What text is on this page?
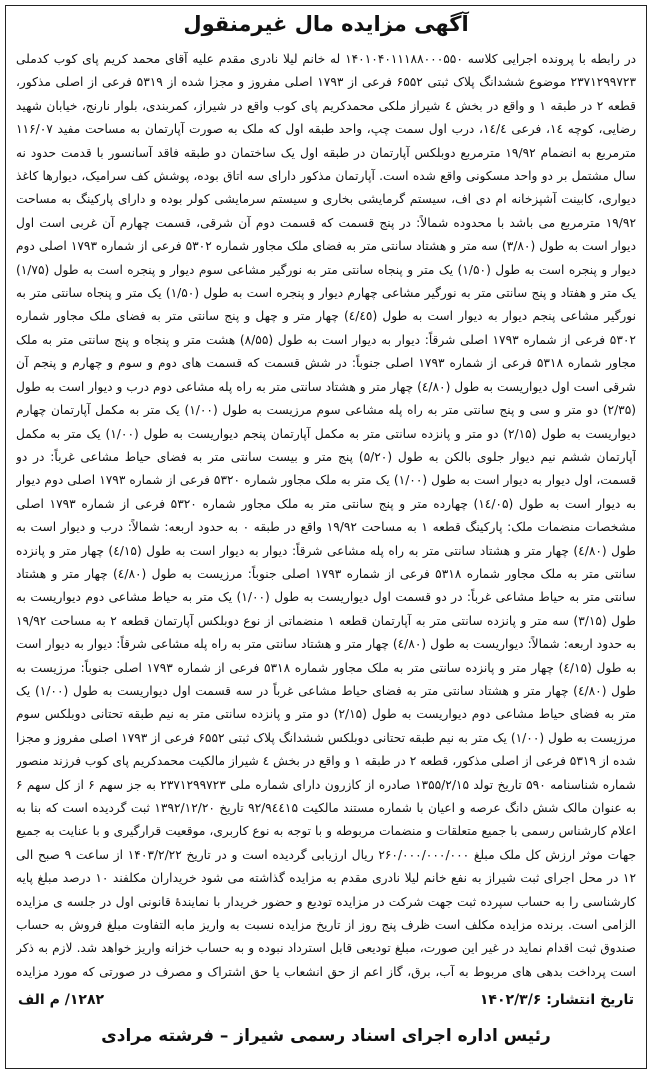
آگهی مزایده مال غیرمنقول
در رابطه با پرونده اجرایی کلاسه ۱۴۰۱۰۴۰۱۱۱۸۸۰۰۰۵۵۰ له خانم لیلا نادری مقدم علیه آقای محمد کریم پای کوب کدملی ۲۳۷۱۲۹۹۷۲۳ موضوع ششدانگ پلاک ثبتی ۶۵۵۲ فرعی از ۱۷۹۳ اصلی مفروز و مجزا شده از ۵۳۱۹ فرعی از اصلی مذکور، قطعه ۲ در طبقه ۱ و واقع در بخش ٤ شیراز ملکی محمدکریم پای کوب واقع در شیراز، کمربندی، بلوار نارنج، خیابان شهید رضایی، کوچه ١٤، فرعی ١٤/٤، درب اول سمت چپ، واحد طبقه اول که ملک به صورت آپارتمان به مساحت مفید ۱۱۶/۰۷ مترمربع به انضمام ۱۹/۹۲ مترمربع دوبلکس آپارتمان در طبقه اول یک ساختمان دو طبقه فاقد آسانسور با قدمت حدود نه سال مشتمل بر دو واحد مسکونی واقع شده است. آپارتمان مذکور دارای سه اتاق بوده، پوشش کف سرامیک، دیوارها کاغذ دیواری، کابینت آشپزخانه ام دی اف، سیستم گرمایشی بخاری و سیستم سرمایشی کولر بوده و دارای پارکینگ به مساحت ۱۹/۹۲ مترمربع می باشد با محدوده شمالاً: در پنج قسمت که قسمت دوم آن شرقی، قسمت چهارم آن غربی است اول دیوار است به طول (۳/۸۰) سه متر و هشتاد سانتی متر به فضای ملک مجاور شماره ۵۳۰۲ فرعی از شماره ۱۷۹۳ اصلی دوم دیوار و پنجره است به طول (۱/۵۰) یک متر و پنجاه سانتی متر به نورگیر مشاعی سوم دیوار و پنجره است به طول (۱/۷۵) یک متر و هفتاد و پنج سانتی متر به نورگیر مشاعی چهارم دیوار و پنجره است به طول (۱/۵۰) یک متر و پنجاه سانتی متر به نورگیر مشاعی پنجم دیوار به دیوار است به طول (٤/٤٥) چهار متر و چهل و پنج سانتی متر به فضای ملک مجاور شماره ۵۳۰۲ فرعی از شماره ۱۷۹۳ اصلی شرقاً: دیوار به دیوار است به طول (۸/۵۵) هشت متر و پنجاه و پنج سانتی متر به ملک مجاور شماره ۵۳۱۸ فرعی از شماره ۱۷۹۳ اصلی جنوباً: در شش قسمت که قسمت های دوم و سوم و چهارم و پنجم آن شرقی است اول دیواریست به طول (٤/۸۰) چهار متر و هشتاد سانتی متر به راه پله مشاعی دوم درب و دیوار است به طول (۲/۳۵) دو متر و سی و پنج سانتی متر به راه پله مشاعی سوم مرزیست به طول (۱/۰۰) یک متر به مکمل آپارتمان چهارم دیواریست به طول (۲/۱۵) دو متر و پانزده سانتی متر به مکمل آپارتمان پنجم دیواریست به طول (۱/۰۰) یک متر به مکمل آپارتمان ششم نیم دیوار جلوی بالکن به طول (۵/۲۰) پنج متر و بیست سانتی متر به فضای حیاط مشاعی غرباً: در دو قسمت، اول دیوار به دیوار است به طول (۱/۰۰) یک متر به ملک مجاور شماره ۵۳۲۰ فرعی از شماره ۱۷۹۳ اصلی دوم دیوار به دیوار است به طول (١٤/۰۵) چهارده متر و پنج سانتی متر به ملک مجاور شماره ۵۳۲۰ فرعی از شماره ۱۷۹۳ اصلی مشخصات منضمات ملک: پارکینگ قطعه ۱ به مساحت ۱۹/۹۲ واقع در طبقه ۰ به حدود اربعه: شمالاً: درب و دیوار است به طول (٤/۸۰) چهار متر و هشتاد سانتی متر به راه پله مشاعی شرقاً: دیوار به دیوار است به طول (٤/۱۵) چهار متر و پانزده سانتی متر به ملک مجاور شماره ۵۳۱۸ فرعی از شماره ۱۷۹۳ اصلی جنوباً: مرزیست به طول (٤/۸۰) چهار متر و هشتاد سانتی متر به حیاط مشاعی غرباً: در دو قسمت اول دیواریست به طول (۱/۰۰) یک متر به حیاط مشاعی دوم دیواریست به طول (۳/۱۵) سه متر و پانزده سانتی متر به آپارتمان قطعه ۱ منضماتی از نوع دوبلکس آپارتمان قطعه ۲ به مساحت ۱۹/۹۲ به حدود اربعه: شمالاً: دیواریست به طول (٤/۸۰) چهار متر و هشتاد سانتی متر به راه پله مشاعی شرقاً: دیوار به دیوار است به طول (٤/۱۵) چهار متر و پانزده سانتی متر به ملک مجاور شماره ۵۳۱۸ فرعی از شماره ۱۷۹۳ اصلی جنوباً: مرزیست به طول (٤/۸۰) چهار متر و هشتاد سانتی متر به فضای حیاط مشاعی غرباً در سه قسمت اول دیواریست به طول (۱/۰۰) یک متر به فضای حیاط مشاعی دوم دیواریست به طول (۲/۱۵) دو متر و پانزده سانتی متر به نیم طبقه تحتانی دوبلکس سوم مرزیست به طول (۱/۰۰) یک متر به نیم طبقه تحتانی دوبلکس ششدانگ پلاک ثبتی ۶۵۵۲ فرعی از ۱۷۹۳ اصلی مفروز و مجزا شده از ۵۳۱۹ فرعی از اصلی مذکور، قطعه ۲ در طبقه ۱ و واقع در بخش ٤ شیراز مالکیت محمدکریم پای کوب فرزند منصور شماره شناسنامه ۵۹۰ تاریخ تولد ۱۳۵۵/۲/۱۵ صادره از کازرون دارای شماره ملی ۲۳۷۱۲۹۹۷۲۳ به جز سهم ۶ از کل سهم ۶ به عنوان مالک شش دانگ عرصه و اعیان با شماره مستند مالکیت ۹۲/۹٤٤۱۵ تاریخ ۱۳۹۲/۱۲/۲۰ ثبت گردیده است که بنا به اعلام کارشناس رسمی با جمیع متعلقات و منضمات مربوطه و با توجه به نوع کاربری، موقعیت قرارگیری و با عنایت به جمیع جهات موثر ارزش کل ملک مبلغ ۲۶۰/۰۰۰/۰۰۰/۰۰۰ ریال ارزیابی گردیده است و در تاریخ ۱۴۰۳/۲/۲۲ از ساعت ۹ صبح الی ۱۲ در محل اجرای ثبت شیراز به نفع خانم لیلا نادری مقدم به مزایده گذاشته می شود خریداران مکلفند ۱۰ درصد مبلغ پایه کارشناسی را به حساب سپرده ثبت جهت شرکت در مزایده تودیع و حضور خریدار با نمایندۀ قانونی اول در جلسه ی مزایده الزامی است. برنده مزایده مکلف است ظرف پنج روز از تاریخ مزایده نسبت به واریز مابه التفاوت مبلغ فروش به حساب صندوق ثبت اقدام نماید در غیر این صورت، مبلغ تودیعی قابل استرداد نبوده و به حساب خزانه واریز خواهد شد. لازم به ذکر است پرداخت بدهی های مربوط به آب، برق، گاز اعم از حق انشعاب یا حق اشتراک و مصرف در صورتی که مورد مزایده
تاریخ انتشار: ۱۴۰۲/۳/۶
۱۲۸۲/ م الف
رئیس اداره اجرای اسناد رسمی شیراز – فرشته مرادی
